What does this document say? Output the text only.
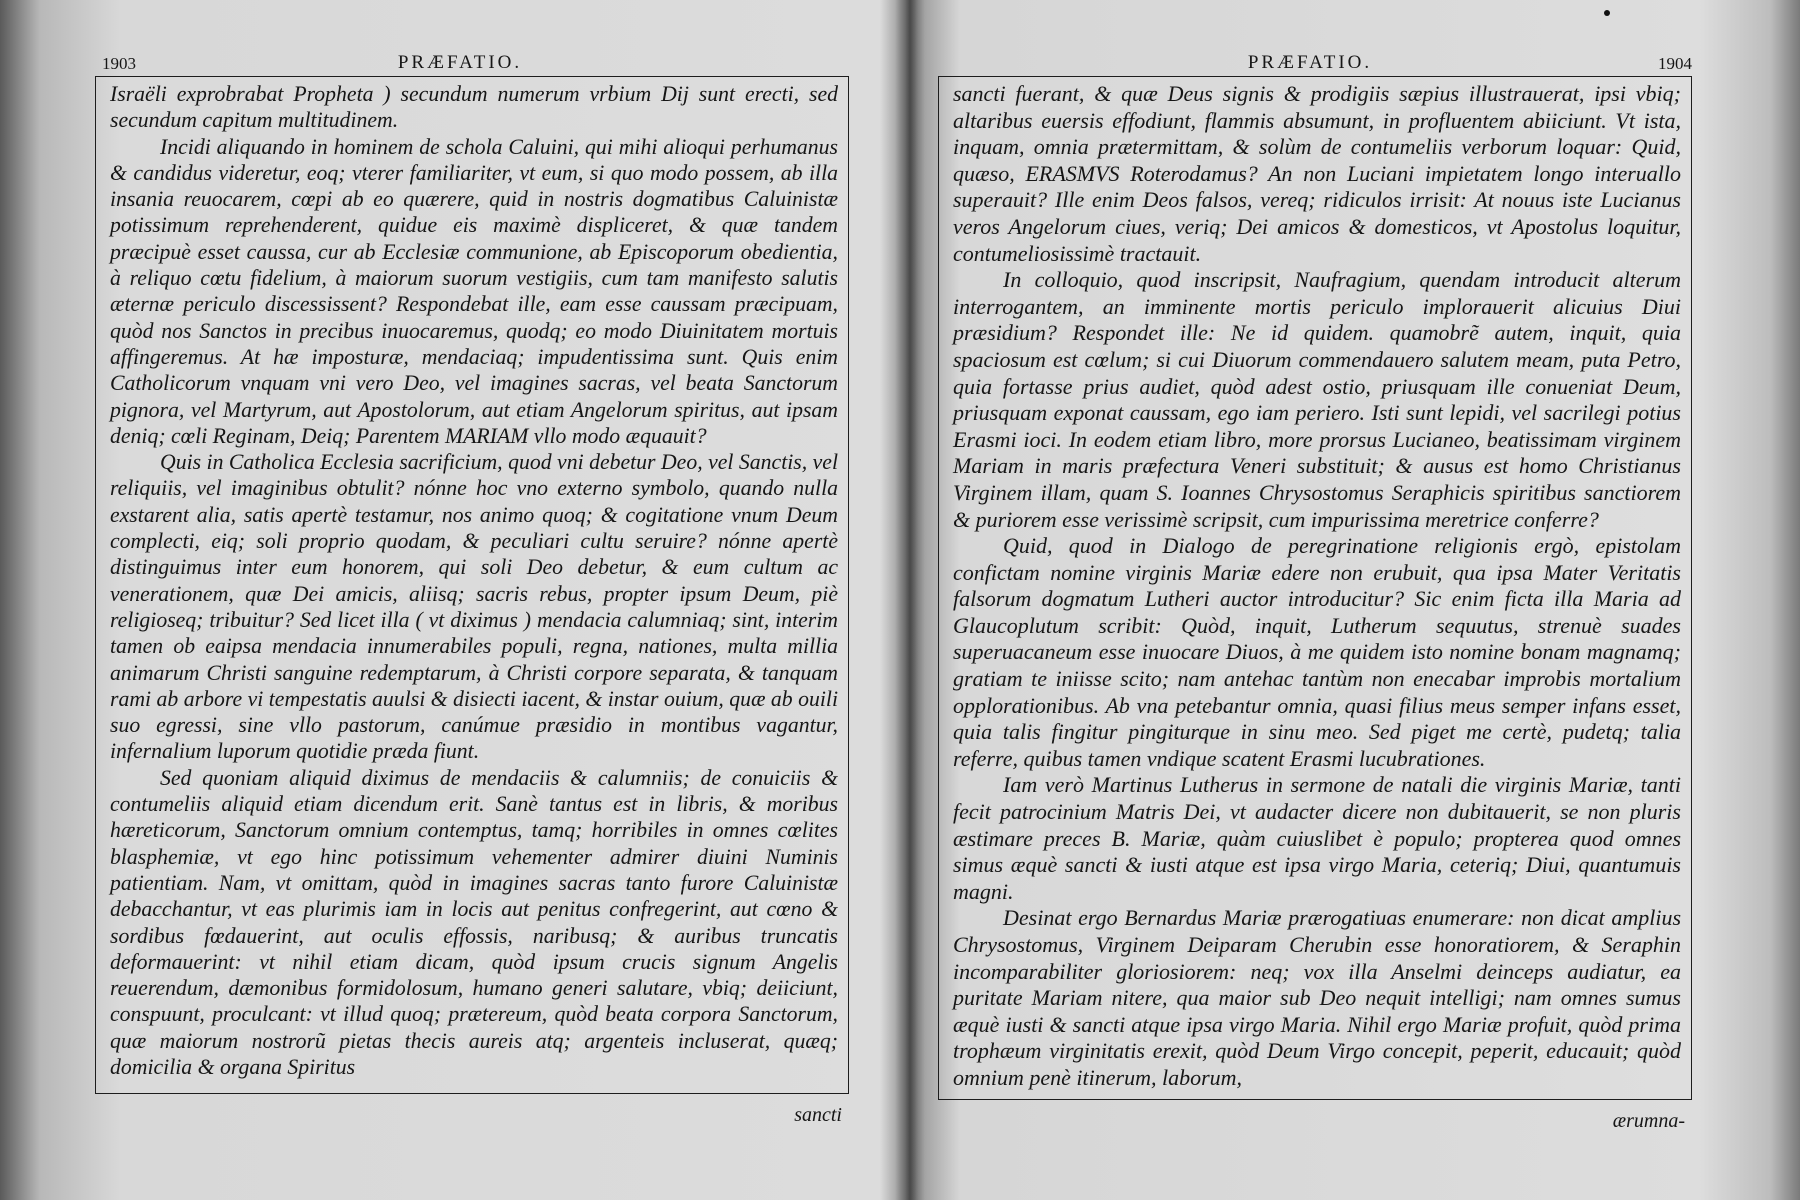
1903	PRÆFATIO.

Israëli exprobrabat Propheta ) secundum numerum vrbium Dij sunt erecti, sed secundum capitum multitudinem.

Incidi aliquando in hominem de schola Caluini, qui mihi alioqui perhumanus & candidus videretur, eoq; vterer familiariter, vt eum, si quo modo possem, ab illa insania reuocarem, cœpi ab eo quærere, quid in nostris dogmatibus Caluinistæ potissimum reprehenderent, quidue eis maximè displiceret, & quæ tandem præcipuè esset caussa, cur ab Ecclesiæ communione, ab Episcoporum obedientia, à reliquo cœtu fidelium, à maiorum suorum vestigiis, cum tam manifesto salutis æternæ periculo discessissent? Respondebat ille, eam esse caussam præcipuam, quòd nos Sanctos in precibus inuocaremus, quodq; eo modo Diuinitatem mortuis affingeremus. At hæ imposturæ, mendaciaq; impudentissima sunt. Quis enim Catholicorum vnquam vni vero Deo, vel imagines sacras, vel beata Sanctorum pignora, vel Martyrum, aut Apostolorum, aut etiam Angelorum spiritus, aut ipsam deniq; cœli Reginam, Deiq; Parentem MARIAM vllo modo æquauit?

Quis in Catholica Ecclesia sacrificium, quod vni debetur Deo, vel Sanctis, vel reliquiis, vel imaginibus obtulit? nónne hoc vno externo symbolo, quando nulla exstarent alia, satis apertè testamur, nos animo quoq; & cogitatione vnum Deum complecti, eiq; soli proprio quodam, & peculiari cultu seruire? nónne apertè distinguimus inter eum honorem, qui soli Deo debetur, & eum cultum ac venerationem, quæ Dei amicis, aliisq; sacris rebus, propter ipsum Deum, piè religioseq; tribuitur? Sed licet illa ( vt diximus ) mendacia calumniaq; sint, interim tamen ob eaipsa mendacia innumerabiles populi, regna, nationes, multa millia animarum Christi sanguine redemptarum, à Christi corpore separata, & tanquam rami ab arbore vi tempestatis auulsi & disiecti iacent, & instar ouium, quæ ab ouili suo egressi, sine vllo pastorum, canúmue præsidio in montibus vagantur, infernalium luporum quotidie præda fiunt.

Sed quoniam aliquid diximus de mendaciis & calumniis; de conuiciis & contumeliis aliquid etiam dicendum erit. Sanè tantus est in libris, & moribus hæreticorum, Sanctorum omnium contemptus, tamq; horribiles in omnes cœlites blasphemiæ, vt ego hinc potissimum vehementer admirer diuini Numinis patientiam. Nam, vt omittam, quòd in imagines sacras tanto furore Caluinistæ debacchantur, vt eas plurimis iam in locis aut penitus confregerint, aut cœno & sordibus fœdauerint, aut oculis effossis, naribusq; & auribus truncatis deformauerint: vt nihil etiam dicam, quòd ipsum crucis signum Angelis reuerendum, dæmonibus formidolosum, humano generi salutare, vbiq; deiiciunt, conspuunt, proculcant: vt illud quoq; prætereum, quòd beata corpora Sanctorum, quæ maiorum nostrorũ pietas thecis aureis atq; argenteis incluserat, quæq; domicilia & organa Spiritus

sancti
PRÆFATIO.	1904

sancti fuerant, & quæ Deus signis & prodigiis sæpius illustrauerat, ipsi vbiq; altaribus euersis effodiunt, flammis absumunt, in profluentem abiiciunt. Vt ista, inquam, omnia prætermittam, & solùm de contumeliis verborum loquar: Quid, quæso, ERASMVS Roterodamus? An non Luciani impietatem longo interuallo superauit? Ille enim Deos falsos, vereq; ridiculos irrisit: At nouus iste Lucianus veros Angelorum ciues, veriq; Dei amicos & domesticos, vt Apostolus loquitur, contumeliosissimè tractauit.

In colloquio, quod inscripsit, Naufragium, quendam introducit alterum interrogantem, an imminente mortis periculo implorauerit alicuius Diui præsidium? Respondet ille: Ne id quidem. quamobrẽ autem, inquit, quia spaciosum est cœlum; si cui Diuorum commendauero salutem meam, puta Petro, quia fortasse prius audiet, quòd adest ostio, priusquam ille conueniat Deum, priusquam exponat caussam, ego iam periero. Isti sunt lepidi, vel sacrilegi potius Erasmi ioci. In eodem etiam libro, more prorsus Lucianeo, beatissimam virginem Mariam in maris præfectura Veneri substituit; & ausus est homo Christianus Virginem illam, quam S. Ioannes Chrysostomus Seraphicis spiritibus sanctiorem & puriorem esse verissimè scripsit, cum impurissima meretrice conferre?

Quid, quod in Dialogo de peregrinatione religionis ergò, epistolam confictam nomine virginis Mariæ edere non erubuit, qua ipsa Mater Veritatis falsorum dogmatum Lutheri auctor introducitur? Sic enim ficta illa Maria ad Glaucoplutum scribit: Quòd, inquit, Lutherum sequutus, strenuè suades superuacaneum esse inuocare Diuos, à me quidem isto nomine bonam magnamq; gratiam te iniisse scito; nam antehac tantùm non enecabar improbis mortalium opplorationibus. Ab vna petebantur omnia, quasi filius meus semper infans esset, quia talis fingitur pingiturque in sinu meo. Sed piget me certè, pudetq; talia referre, quibus tamen vndique scatent Erasmi lucubrationes.

Iam verò Martinus Lutherus in sermone de natali die virginis Mariæ, tanti fecit patrocinium Matris Dei, vt audacter dicere non dubitauerit, se non pluris æstimare preces B. Mariæ, quàm cuiuslibet è populo; propterea quod omnes simus æquè sancti & iusti atque est ipsa virgo Maria, ceteriq; Diui, quantumuis magni.

Desinat ergo Bernardus Mariæ prærogatiuas enumerare: non dicat amplius Chrysostomus, Virginem Deiparam Cherubin esse honoratiorem, & Seraphin incomparabiliter gloriosiorem: neq; vox illa Anselmi deinceps audiatur, ea puritate Mariam nitere, qua maior sub Deo nequit intelligi; nam omnes sumus æquè iusti & sancti atque ipsa virgo Maria. Nihil ergo Mariæ profuit, quòd prima trophæum virginitatis erexit, quòd Deum Virgo concepit, peperit, educauit; quòd omnium penè itinerum, laborum,

ærumna-
